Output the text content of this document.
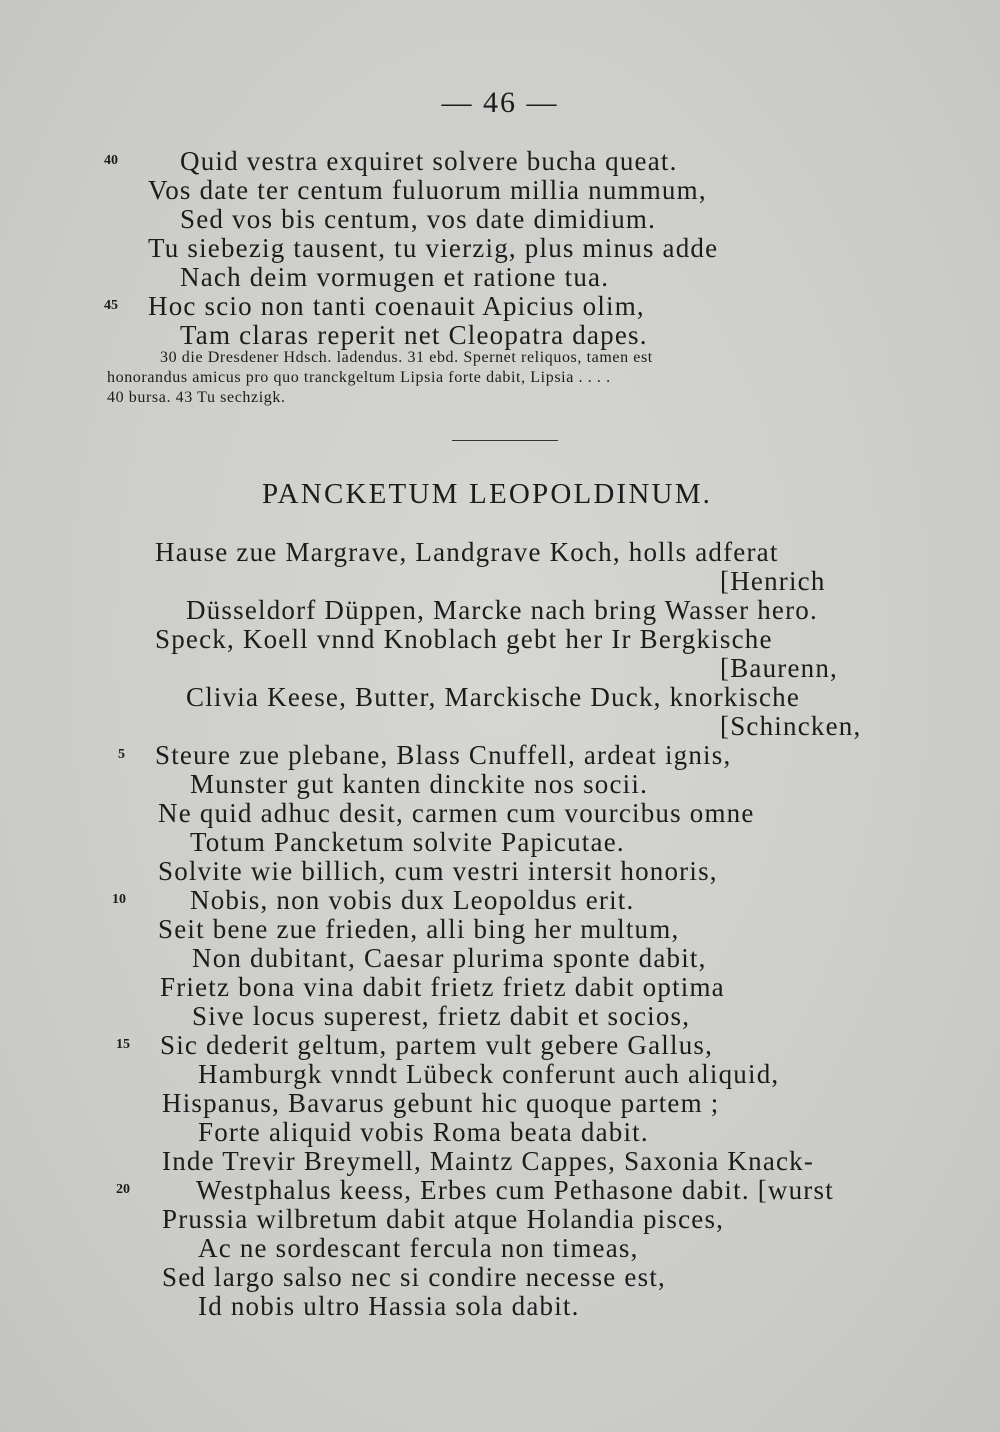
— 46 —
40	Quid vestra exquiret solvere bucha queat.
Vos date ter centum fuluorum millia nummum,
Sed vos bis centum, vos date dimidium.
Tu siebezig tausent, tu vierzig, plus minus adde
Nach deim vormugen et ratione tua.
45	Hoc scio non tanti coenauit Apicius olim,
Tam claras reperit net Cleopatra dapes.

30 die Dresdener Hdsch. ladendus. 31 ebd. Spernet reliquos, tamen est

honorandus amicus pro quo tranckgeltum Lipsia forte dabit, Lipsia . . . .

40 bursa. 43 Tu sechzigk.

PANCKETUM LEOPOLDINUM.
Hause zue Margrave, Landgrave Koch, holls adferat
[Henrich
Düsseldorf Düppen, Marcke nach bring Wasser hero.
Speck, Koell vnnd Knoblach gebt her Ir Bergkische
[Baurenn,
Clivia Keese, Butter, Marckische Duck, knorkische
[Schincken,
5	Steure zue plebane, Blass Cnuffell, ardeat ignis,
Munster gut kanten dinckite nos socii.
Ne quid adhuc desit, carmen cum vourcibus omne
Totum Pancketum solvite Papicutae.
Solvite wie billich, cum vestri intersit honoris,
10	Nobis, non vobis dux Leopoldus erit.
Seit bene zue frieden, alli bing her multum,
Non dubitant, Caesar plurima sponte dabit,
Frietz bona vina dabit frietz frietz dabit optima
Sive locus superest, frietz dabit et socios,
15	Sic dederit geltum, partem vult gebere Gallus,
Hamburgk vnndt Lübeck conferunt auch aliquid,
Hispanus, Bavarus gebunt hic quoque partem ;
Forte aliquid vobis Roma beata dabit.
Inde Trevir Breymell, Maintz Cappes, Saxonia Knack-
20	Westphalus keess, Erbes cum Pethasone dabit. [wurst
Prussia wilbretum dabit atque Holandia pisces,
Ac ne sordescant fercula non timeas,
Sed largo salso nec si condire necesse est,
Id nobis ultro Hassia sola dabit.
